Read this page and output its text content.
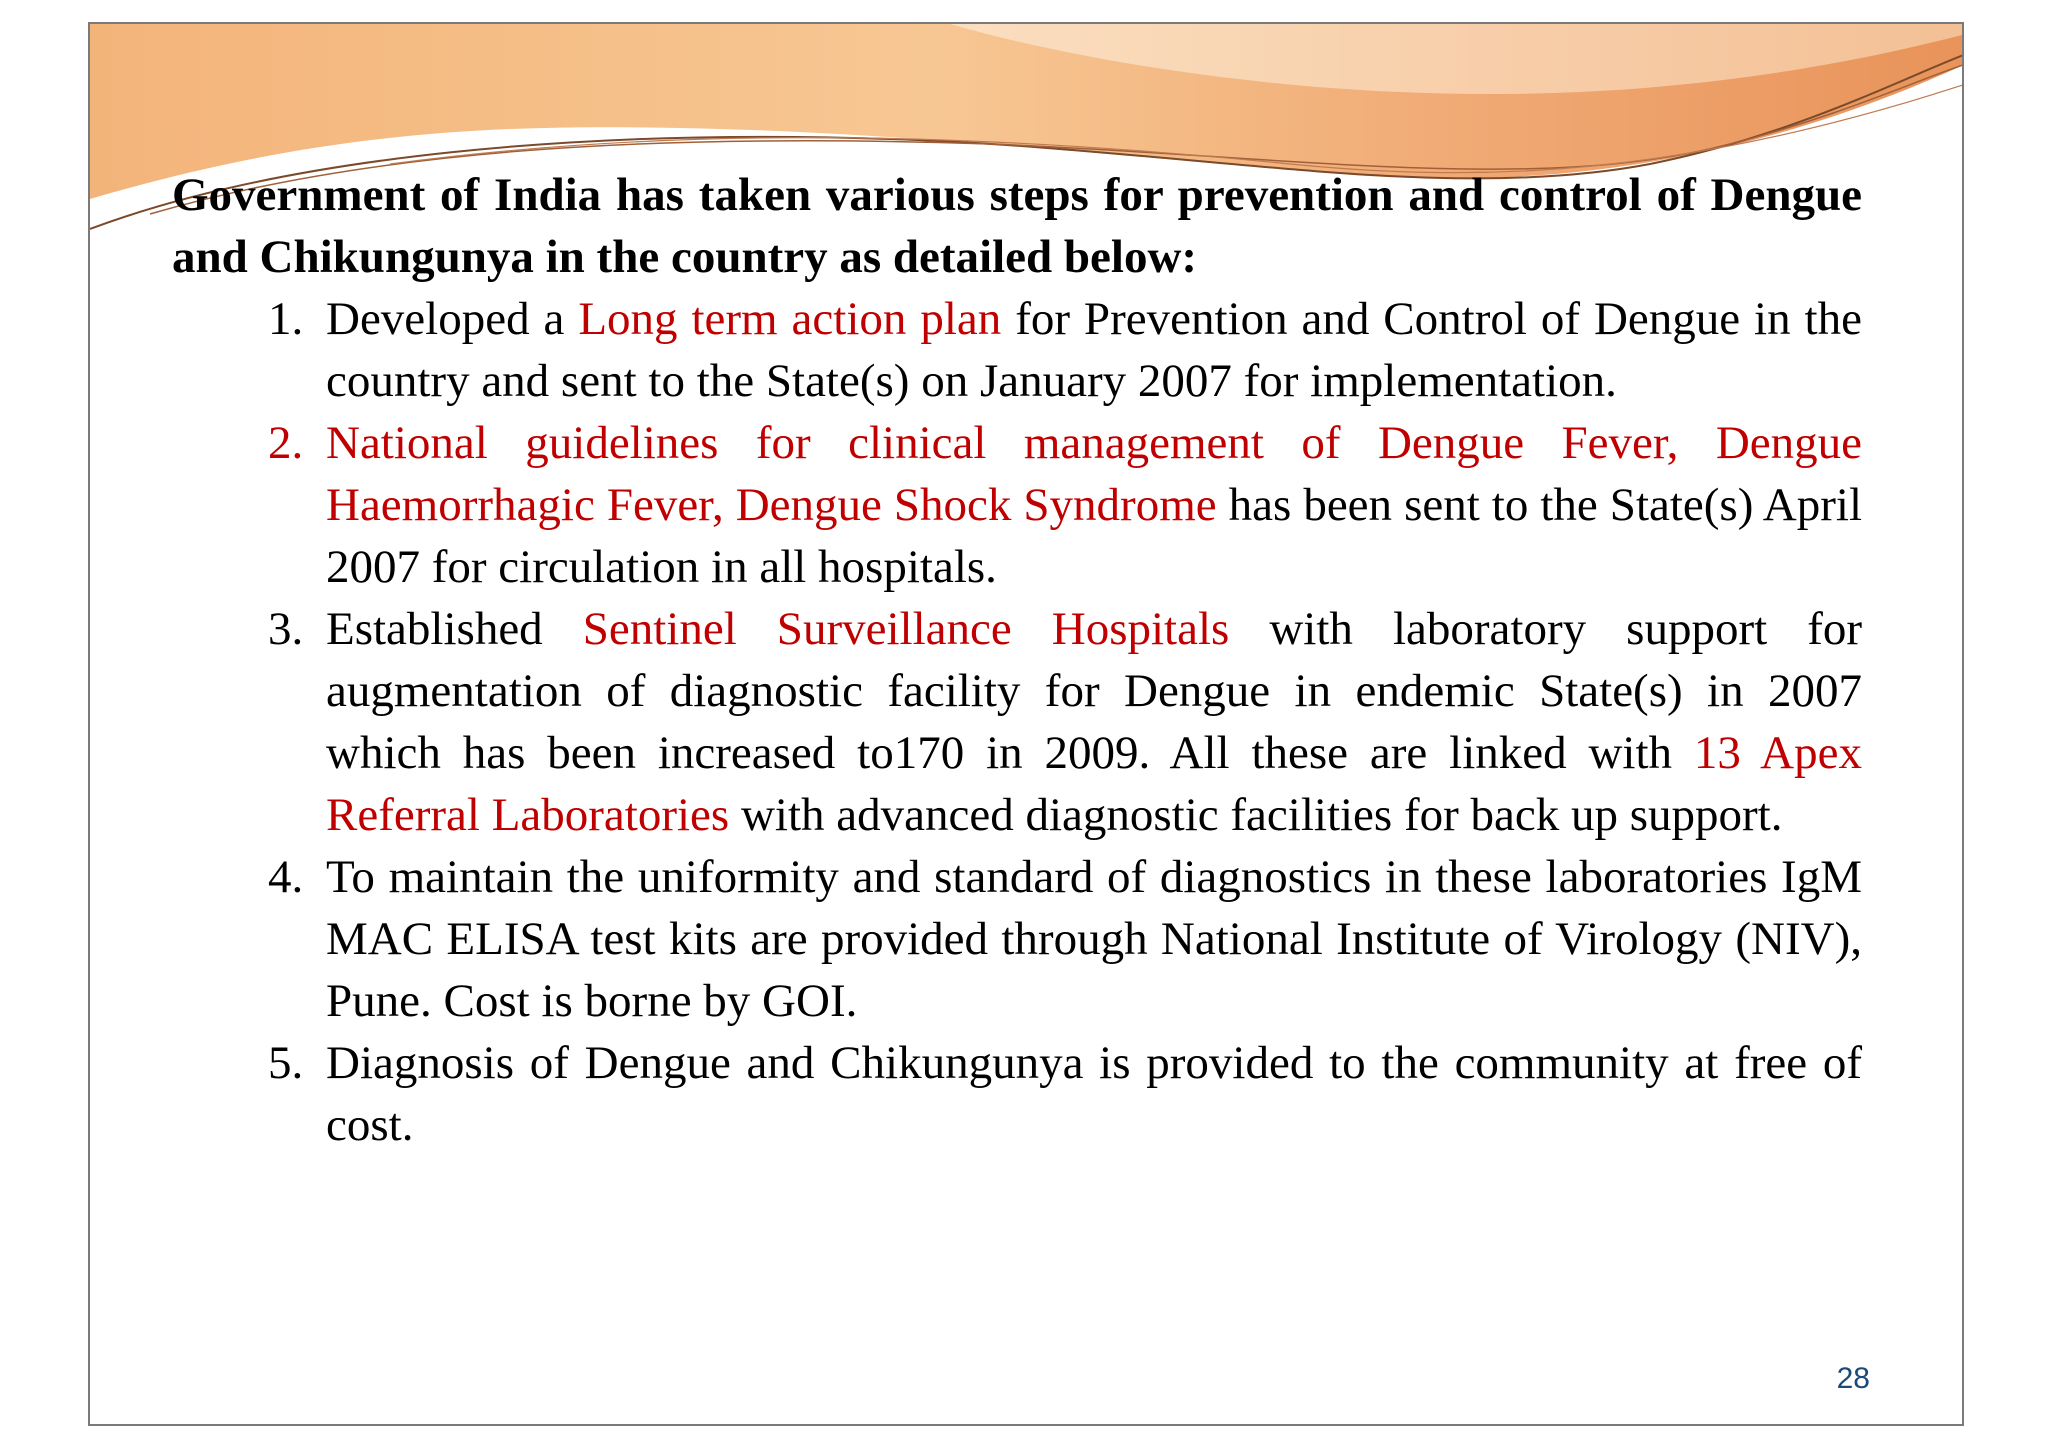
Government of India has taken various steps for prevention and control of Dengue and Chikungunya in the country as detailed below:

1. Developed a Long term action plan for Prevention and Control of Dengue in the country and sent to the State(s) on January 2007 for implementation.
2. National guidelines for clinical management of Dengue Fever, Dengue Haemorrhagic Fever, Dengue Shock Syndrome has been sent to the State(s) April 2007 for circulation in all hospitals.
3. Established Sentinel Surveillance Hospitals with laboratory support for augmentation of diagnostic facility for Dengue in endemic State(s) in 2007 which has been increased to170 in 2009. All these are linked with 13 Apex Referral Laboratories with advanced diagnostic facilities for back up support.
4. To maintain the uniformity and standard of diagnostics in these laboratories IgM MAC ELISA test kits are provided through National Institute of Virology (NIV), Pune. Cost is borne by GOI.
5. Diagnosis of Dengue and Chikungunya is provided to the community at free of cost.
28
